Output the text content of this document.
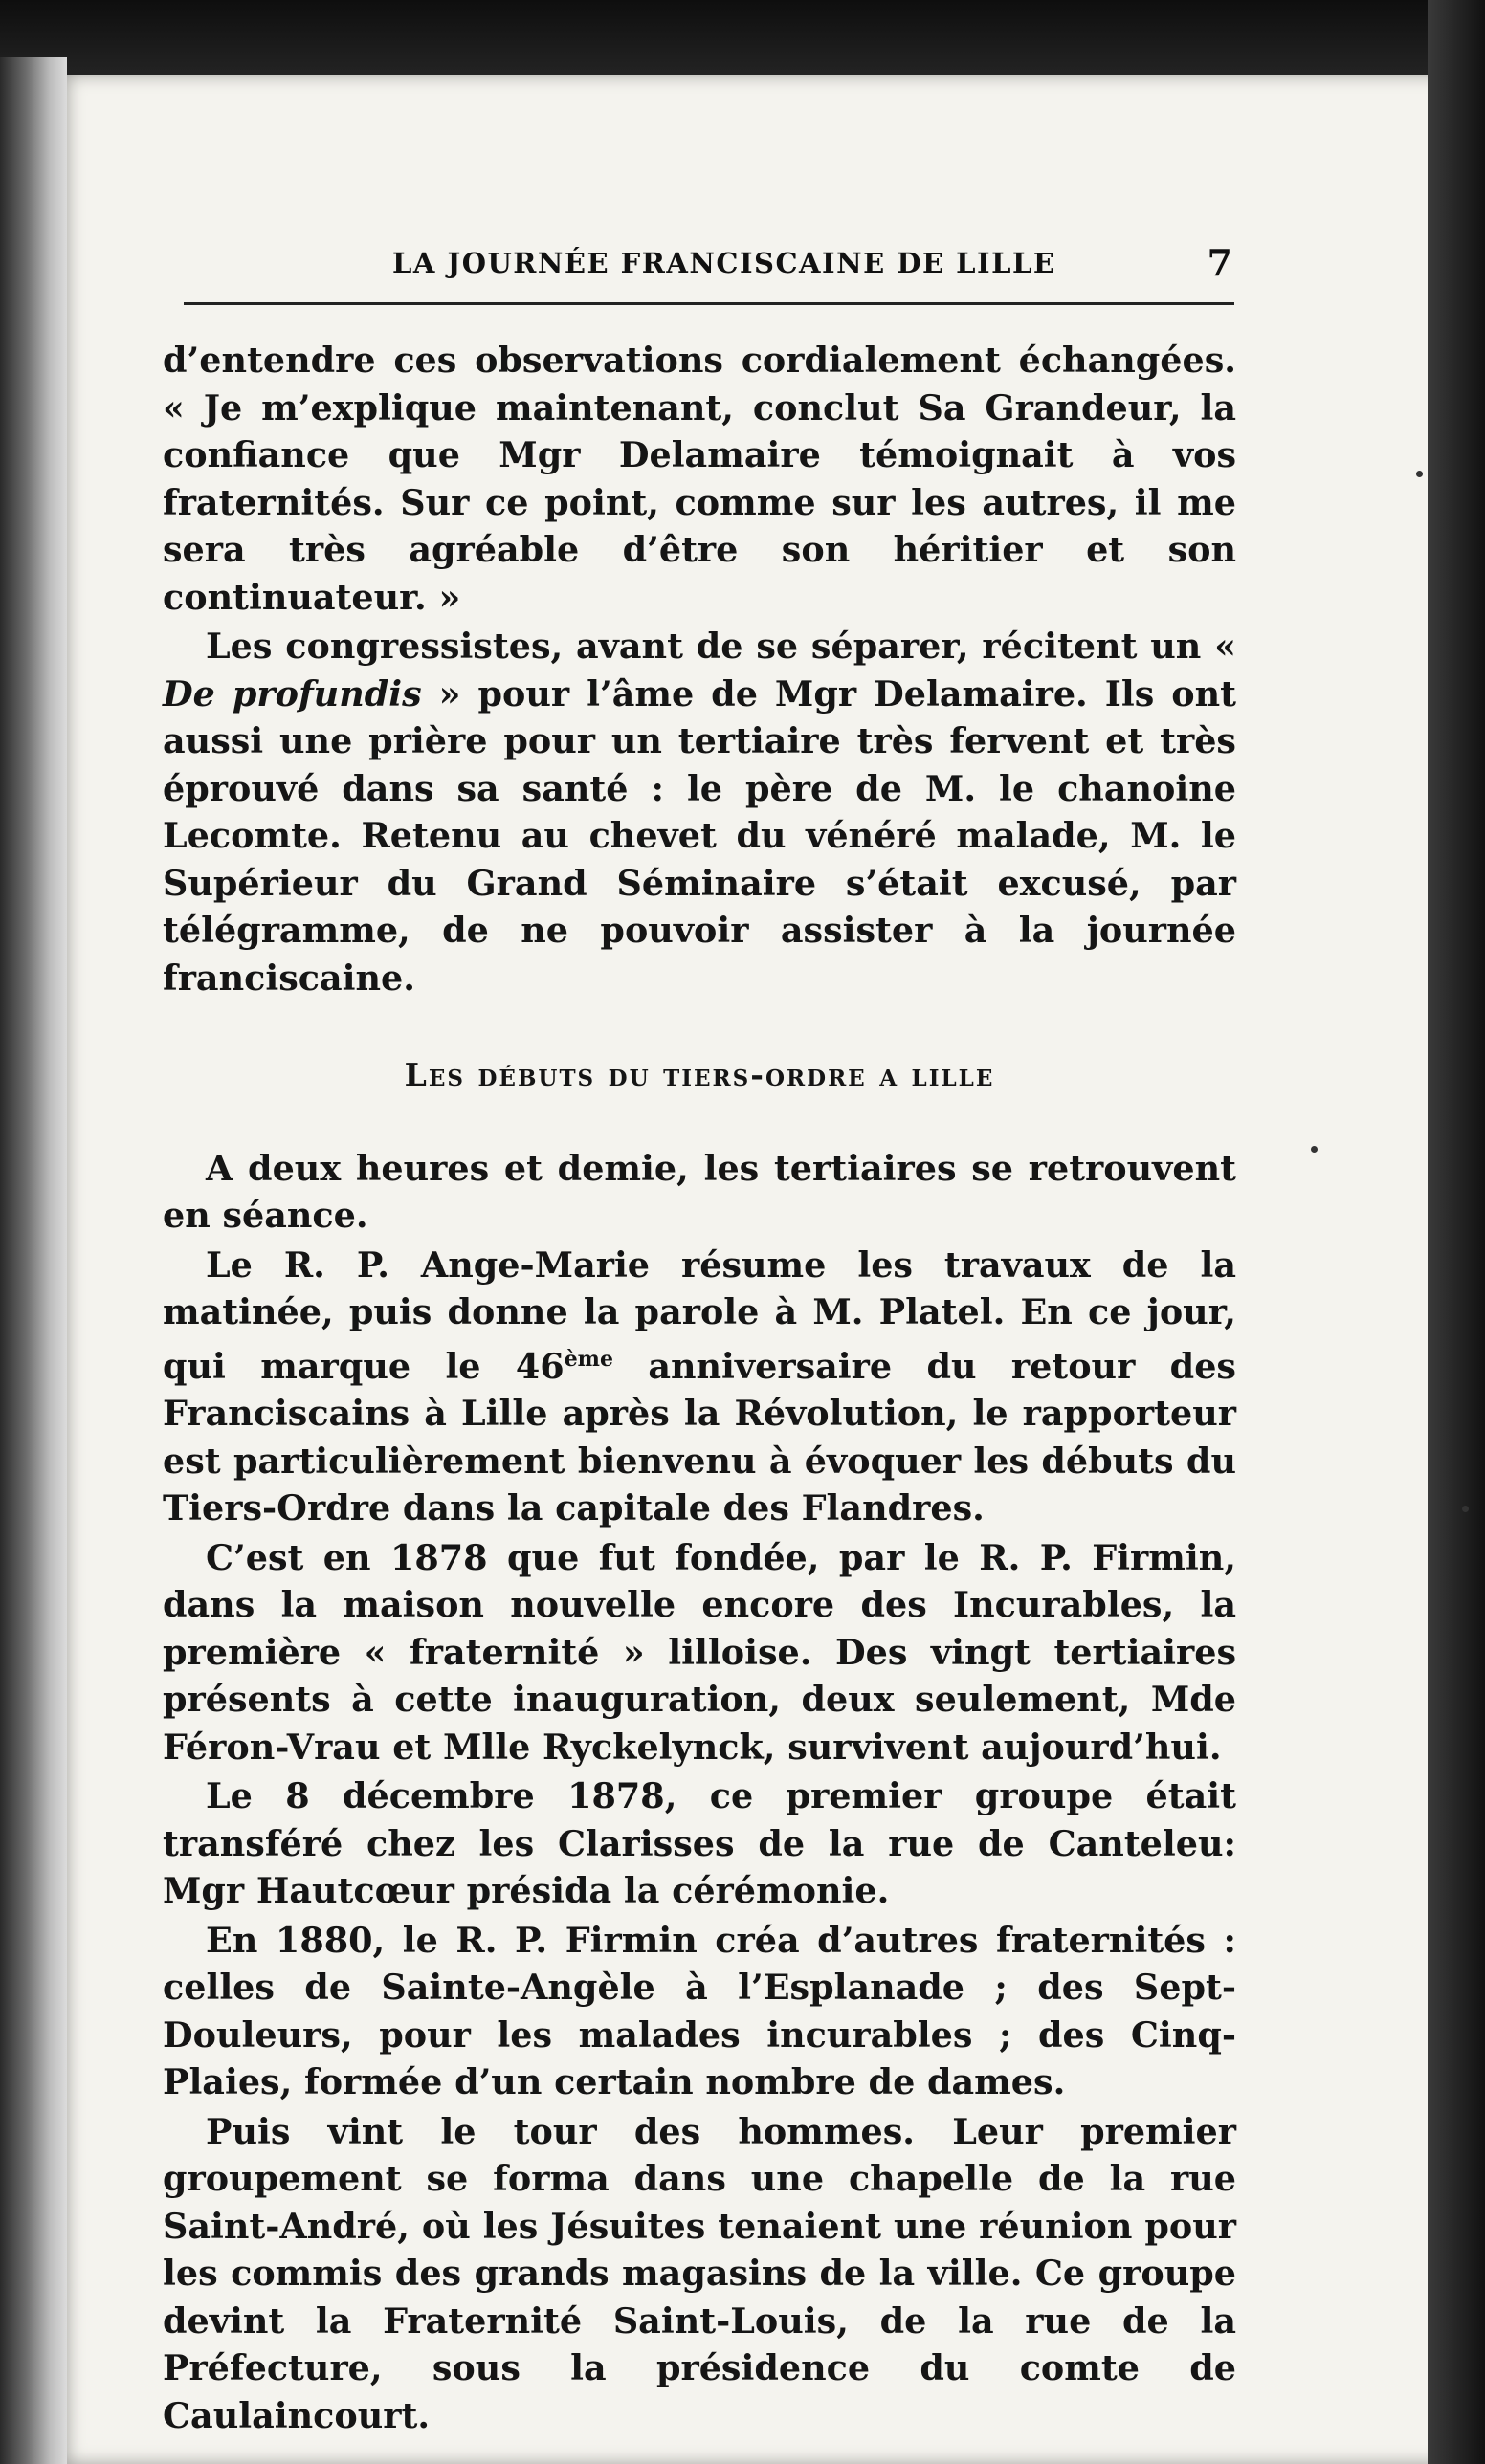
LA JOURNÉE FRANCISCAINE DE LILLE	7

d’entendre ces observations cordialement échangées. « Je m’explique maintenant, conclut Sa Grandeur, la confiance que Mgr Delamaire témoignait à vos fraternités. Sur ce point, comme sur les autres, il me sera très agréable d’être son héritier et son continuateur. »

Les congressistes, avant de se séparer, récitent un « De profundis » pour l’âme de Mgr Delamaire. Ils ont aussi une prière pour un tertiaire très fervent et très éprouvé dans sa santé : le père de M. le chanoine Lecomte. Retenu au chevet du vénéré malade, M. le Supérieur du Grand Séminaire s’était excusé, par télégramme, de ne pouvoir assister à la journée franciscaine.

Les débuts du tiers-ordre a lille

A deux heures et demie, les tertiaires se retrouvent en séance.

Le R. P. Ange-Marie résume les travaux de la matinée, puis donne la parole à M. Platel. En ce jour, qui marque le 46ème anniversaire du retour des Franciscains à Lille après la Révolution, le rapporteur est particulièrement bienvenu à évoquer les débuts du Tiers-Ordre dans la capitale des Flandres.

C’est en 1878 que fut fondée, par le R. P. Firmin, dans la maison nouvelle encore des Incurables, la première « fraternité » lilloise. Des vingt tertiaires présents à cette inauguration, deux seulement, Mde Féron-Vrau et Mlle Ryckelynck, survivent aujourd’hui.

Le 8 décembre 1878, ce premier groupe était transféré chez les Clarisses de la rue de Canteleu: Mgr Hautcœur présida la cérémonie.

En 1880, le R. P. Firmin créa d’autres fraternités : celles de Sainte-Angèle à l’Esplanade ; des Sept-Douleurs, pour les malades incurables ; des Cinq-Plaies, formée d’un certain nombre de dames.

Puis vint le tour des hommes. Leur premier groupement se forma dans une chapelle de la rue Saint-André, où les Jésuites tenaient une réunion pour les commis des grands magasins de la ville. Ce groupe devint la Fraternité Saint-Louis, de la rue de la Préfecture, sous la présidence du comte de Caulaincourt.
